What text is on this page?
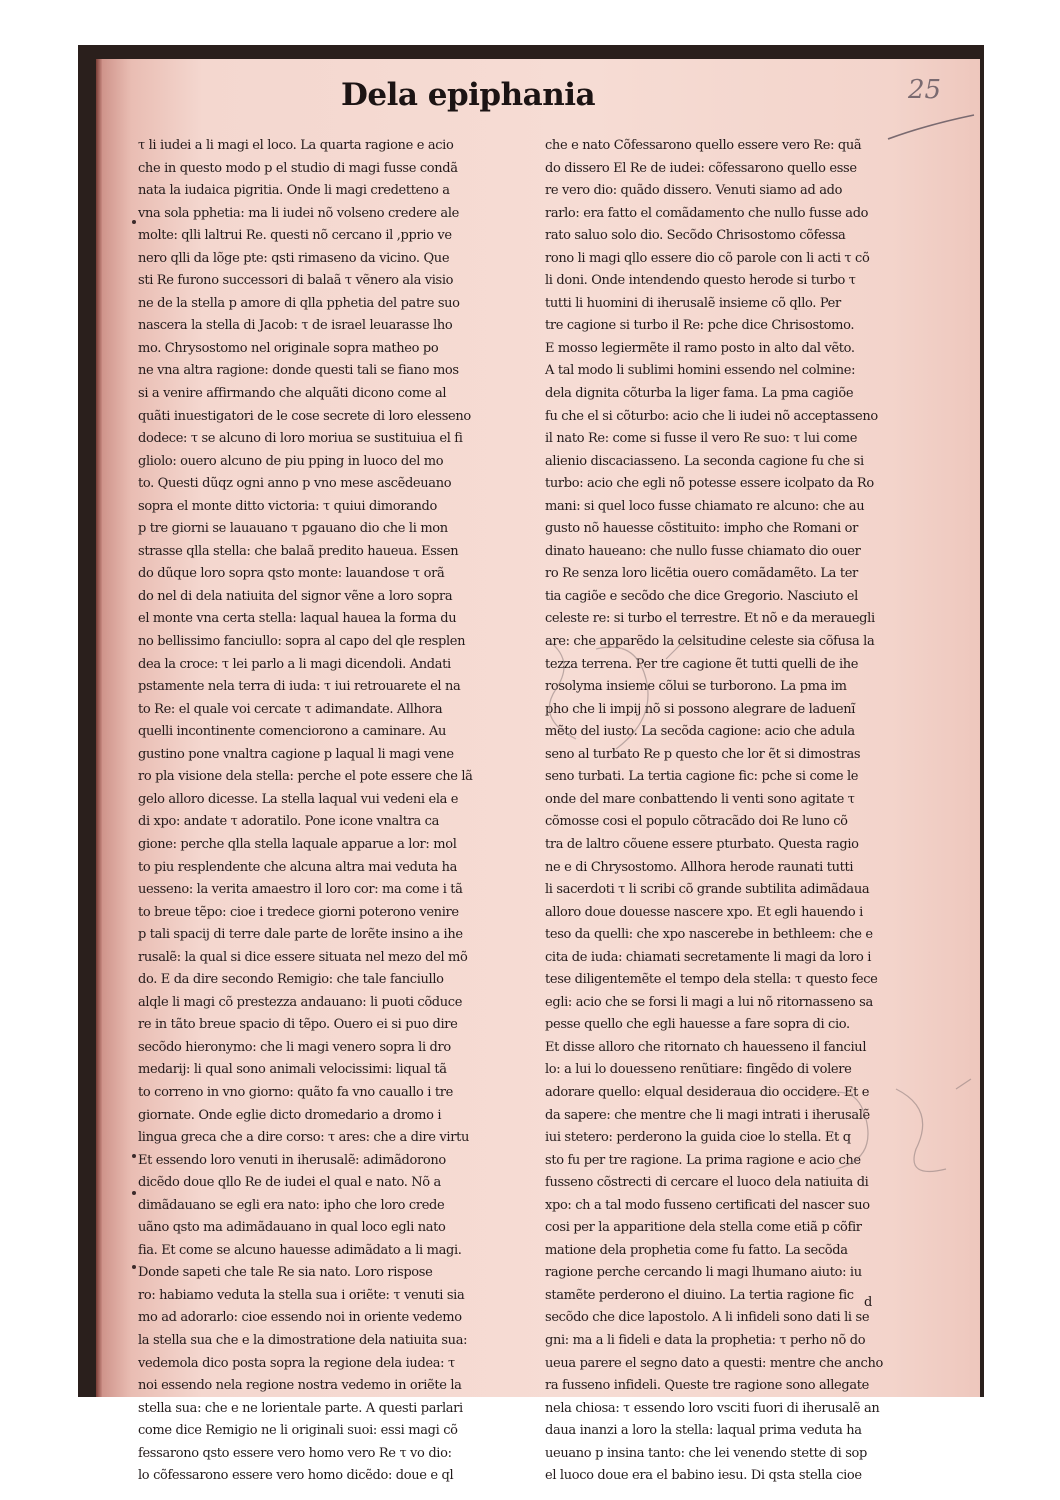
Dela epiphania	25
τ li iudei a li magi el loco. La quarta ragione e acio
che in questo modo p el studio di magi fusse condã
nata la iudaica pigritia. Onde li magi credetteno a
vna sola pphetia: ma li iudei nõ volseno credere ale
molte: qlli laltrui Re. questi nõ cercano il ,pprio ve
nero qlli da lõge pte: qsti rimaseno da vicino. Que
sti Re furono successori di balaã τ vẽnero ala visio
ne de la stella p amore di qlla pphetia del patre suo
nascera la stella di Jacob: τ de israel leuarasse lho
mo. Chrysostomo nel originale sopra matheo po
ne vna altra ragione: donde questi tali se fiano mos
si a venire affirmando che alquãti dicono come al
quãti inuestigatori de le cose secrete di loro elesseno
dodece: τ se alcuno di loro moriua se sustituiua el fi
gliolo: ouero alcuno de piu pping in luoco del mo
to. Questi dũqz ogni anno p vno mese ascẽdeuano
sopra el monte ditto victoria: τ quiui dimorando
p tre giorni se lauauano τ pgauano dio che li mon
strasse qlla stella: che balaã predito haueua. Essen
do dũque loro sopra qsto monte: lauandose τ orã
do nel di dela natiuita del signor vẽne a loro sopra
el monte vna certa stella: laqual hauea la forma du
no bellissimo fanciullo: sopra al capo del qle resplen
dea la croce: τ lei parlo a li magi dicendoli. Andati
pstamente nela terra di iuda: τ iui retrouarete el na
to Re: el quale voi cercate τ adimandate. Allhora
quelli incontinente comenciorono a caminare. Au
gustino pone vnaltra cagione p laqual li magi vene
ro pla visione dela stella: perche el pote essere che lã
gelo alloro dicesse. La stella laqual vui vedeni ela e
di xpo: andate τ adoratilo. Pone icone vnaltra ca
gione: perche qlla stella laquale apparue a lor: mol
to piu resplendente che alcuna altra mai veduta ha
uesseno: la verita amaestro il loro cor: ma come i tã
to breue tẽpo: cioe i tredece giorni poterono venire
p tali spacij di terre dale parte de lorẽte insino a ihe
rusalẽ: la qual si dice essere situata nel mezo del mõ
do. E da dire secondo Remigio: che tale fanciullo
alqle li magi cõ prestezza andauano: li puoti cõduce
re in tãto breue spacio di tẽpo. Ouero ei si puo dire
secõdo hieronymo: che li magi venero sopra li dro
medarij: li qual sono animali velocissimi: liqual tã
to correno in vno giorno: quãto fa vno cauallo i tre
giornate. Onde eglie dicto dromedario a dromo i
lingua greca che a dire corso: τ ares: che a dire virtu
Et essendo loro venuti in iherusalẽ: adimãdorono
dicẽdo doue qllo Re de iudei el qual e nato. Nõ a
dimãdauano se egli era nato: ipho che loro crede
uãno qsto ma adimãdauano in qual loco egli nato
fia. Et come se alcuno hauesse adimãdato a li magi.
Donde sapeti che tale Re sia nato. Loro rispose
ro: habiamo veduta la stella sua i oriẽte: τ venuti sia
mo ad adorarlo: cioe essendo noi in oriente vedemo
la stella sua che e la dimostratione dela natiuita sua:
vedemola dico posta sopra la regione dela iudea: τ
noi essendo nela regione nostra vedemo in oriẽte la
stella sua: che e ne lorientale parte. A questi parlari
come dice Remigio ne li originali suoi: essi magi cõ
fessarono qsto essere vero homo vero Re τ vo dio:
lo cõfessarono essere vero homo dicẽdo: doue e ql
che e nato Cõfessarono quello essere vero Re: quã
do dissero El Re de iudei: cõfessarono quello esse
re vero dio: quãdo dissero. Venuti siamo ad ado
rarlo: era fatto el comãdamento che nullo fusse ado
rato saluo solo dio. Secõdo Chrisostomo cõfessa
rono li magi qllo essere dio cõ parole con li acti τ cõ
li doni. Onde intendendo questo herode si turbo τ
tutti li huomini di iherusalẽ insieme cõ qllo. Per
tre cagione si turbo il Re: pche dice Chrisostomo.
E mosso legiermẽte il ramo posto in alto dal vẽto.
A tal modo li sublimi homini essendo nel colmine:
dela dignita cõturba la liger fama. La pma cagiõe
fu che el si cõturbo: acio che li iudei nõ acceptasseno
il nato Re: come si fusse il vero Re suo: τ lui come
alienio discaciasseno. La seconda cagione fu che si
turbo: acio che egli nõ potesse essere icolpato da Ro
mani: si quel loco fusse chiamato re alcuno: che au
gusto nõ hauesse cõstituito: impho che Romani or
dinato haueano: che nullo fusse chiamato dio ouer
ro Re senza loro licẽtia ouero comãdamẽto. La ter
tia cagiõe e secõdo che dice Gregorio. Nasciuto el
celeste re: si turbo el terrestre. Et nõ e da merauegli
are: che apparẽdo la celsitudine celeste sia cõfusa la
tezza terrena. Per tre cagione ẽt tutti quelli de ihe
rosolyma insieme cõlui se turborono. La pma im
pho che li impij nõ si possono alegrare de laduenĩ
mẽto del iusto. La secõda cagione: acio che adula
seno al turbato Re p questo che lor ẽt si dimostras
seno turbati. La tertia cagione fic: pche si come le
onde del mare conbattendo li venti sono agitate τ
cõmosse cosi el populo cõtracãdo doi Re luno cõ
tra de laltro cõuene essere pturbato. Questa ragio
ne e di Chrysostomo. Allhora herode raunati tutti
li sacerdoti τ li scribi cõ grande subtilita adimãdaua
alloro doue douesse nascere xpo. Et egli hauendo i
teso da quelli: che xpo nascerebe in bethleem: che e
cita de iuda: chiamati secretamente li magi da loro i
tese diligentemẽte el tempo dela stella: τ questo fece
egli: acio che se forsi li magi a lui nõ ritornasseno sa
pesse quello che egli hauesse a fare sopra di cio.
Et disse alloro che ritornato ch hauesseno il fanciul
lo: a lui lo douesseno renũtiare: fingẽdo di volere
adorare quello: elqual desideraua dio occidere. Et e
da sapere: che mentre che li magi intrati i iherusalẽ
iui stetero: perderono la guida cioe lo stella. Et q
sto fu per tre ragione. La prima ragione e acio che
fusseno cõstrecti di cercare el luoco dela natiuita di
xpo: ch a tal modo fusseno certificati del nascer suo
cosi per la apparitione dela stella come etiã p cõfir
matione dela prophetia come fu fatto. La secõda
ragione perche cercando li magi lhumano aiuto: iu
stamẽte perderono el diuino. La tertia ragione fic
secõdo che dice lapostolo. A li infideli sono dati li se
gni: ma a li fideli e data la prophetia: τ perho nõ do
ueua parere el segno dato a questi: mentre che ancho
ra fusseno infideli. Queste tre ragione sono allegate
nela chiosa: τ essendo loro vsciti fuori di iherusalẽ an
daua inanzi a loro la stella: laqual prima veduta ha
ueuano p insina tanto: che lei venendo stette di sop
el luoco doue era el babino iesu. Di qsta stella cioe
d
